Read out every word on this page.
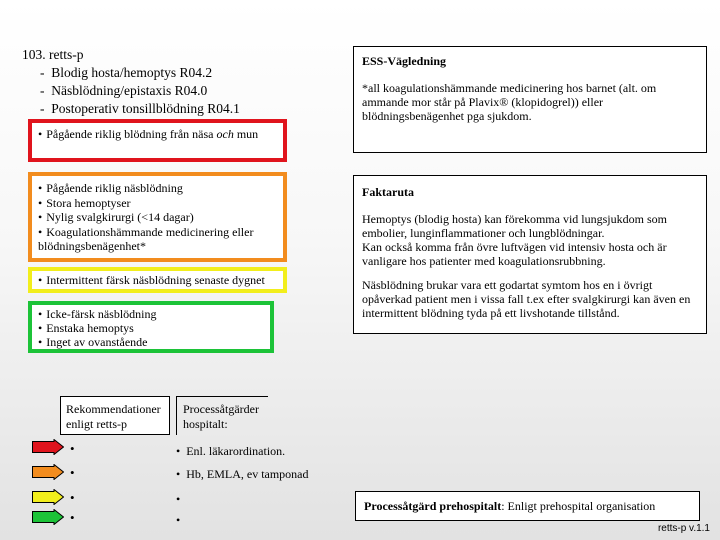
103. retts-p
-  Blodig hosta/hemoptys R04.2
-  Näsblödning/epistaxis R04.0
-  Postoperativ tonsillblödning R04.1
• Pågående riklig blödning från näsa och mun
• Pågående riklig näsblödning
• Stora hemoptyser
• Nylig svalgkirurgi (<14 dagar)
• Koagulationshämmande medicinering eller
blödningsbenägenhet*
• Intermittent färsk näsblödning senaste dygnet
• Icke-färsk näsblödning
• Enstaka hemoptys
• Inget av ovanstående
Rekommendationer enligt retts-p
Processåtgärder hospitalt:
•
•
•
•
•  Enl. läkarordination.
•  Hb, EMLA, ev tamponad
•
•
ESS-Vägledning
*all koagulationshämmande medicinering hos barnet (alt. om ammande mor står på Plavix® (klopidogrel)) eller blödningsbenägenhet pga sjukdom.
Faktaruta
Hemoptys (blodig hosta) kan förekomma vid lungsjukdom som embolier, lunginflammationer och lungblödningar.
Kan också komma från övre luftvägen vid intensiv hosta och är vanligare hos patienter med koagulationsrubbning.
Näsblödning brukar vara ett godartat symtom hos en i övrigt opåverkad patient men i vissa fall t.ex efter svalgkirurgi kan även en intermittent blödning tyda på ett livshotande tillstånd.
Processåtgärd prehospitalt: Enligt prehospital organisation
retts-p v.1.1
